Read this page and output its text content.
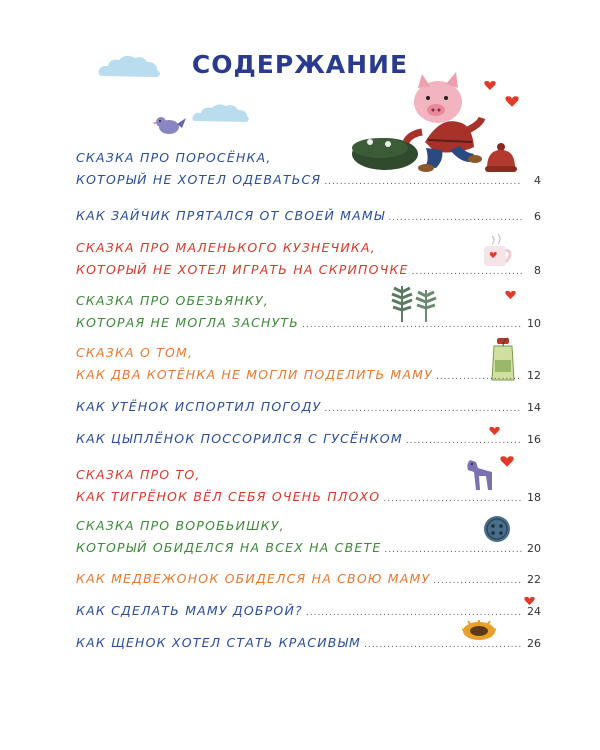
СОДЕРЖАНИЕ
СКАЗКА ПРО ПОРОСЁНКА,
КОТОРЫЙ НЕ ХОТЕЛ ОДЕВАТЬСЯ .....	4
КАК ЗАЙЧИК ПРЯТАЛСЯ ОТ СВОЕЙ МАМЫ .....	6
СКАЗКА ПРО МАЛЕНЬКОГО КУЗНЕЧИКА,
КОТОРЫЙ НЕ ХОТЕЛ ИГРАТЬ НА СКРИПОЧКЕ .....	8
СКАЗКА ПРО ОБЕЗЬЯНКУ,
КОТОРАЯ НЕ МОГЛА ЗАСНУТЬ .....	10
СКАЗКА О ТОМ,
КАК ДВА КОТЁНКА НЕ МОГЛИ ПОДЕЛИТЬ МАМУ .....	12
КАК УТЁНОК ИСПОРТИЛ ПОГОДУ .....	14
КАК ЦЫПЛЁНОК ПОССОРИЛСЯ С ГУСЁНКОМ .....	16
СКАЗКА ПРО ТО,
КАК ТИГРЁНОК ВЁЛ СЕБЯ ОЧЕНЬ ПЛОХО .....	18
СКАЗКА ПРО ВОРОБЬИШКУ,
КОТОРЫЙ ОБИДЕЛСЯ НА ВСЕХ НА СВЕТЕ .....	20
КАК МЕДВЕЖОНОК ОБИДЕЛСЯ НА СВОЮ МАМУ .....	22
КАК СДЕЛАТЬ МАМУ ДОБРОЙ? .....	24
КАК ЩЕНОК ХОТЕЛ СТАТЬ КРАСИВЫМ .....	26
